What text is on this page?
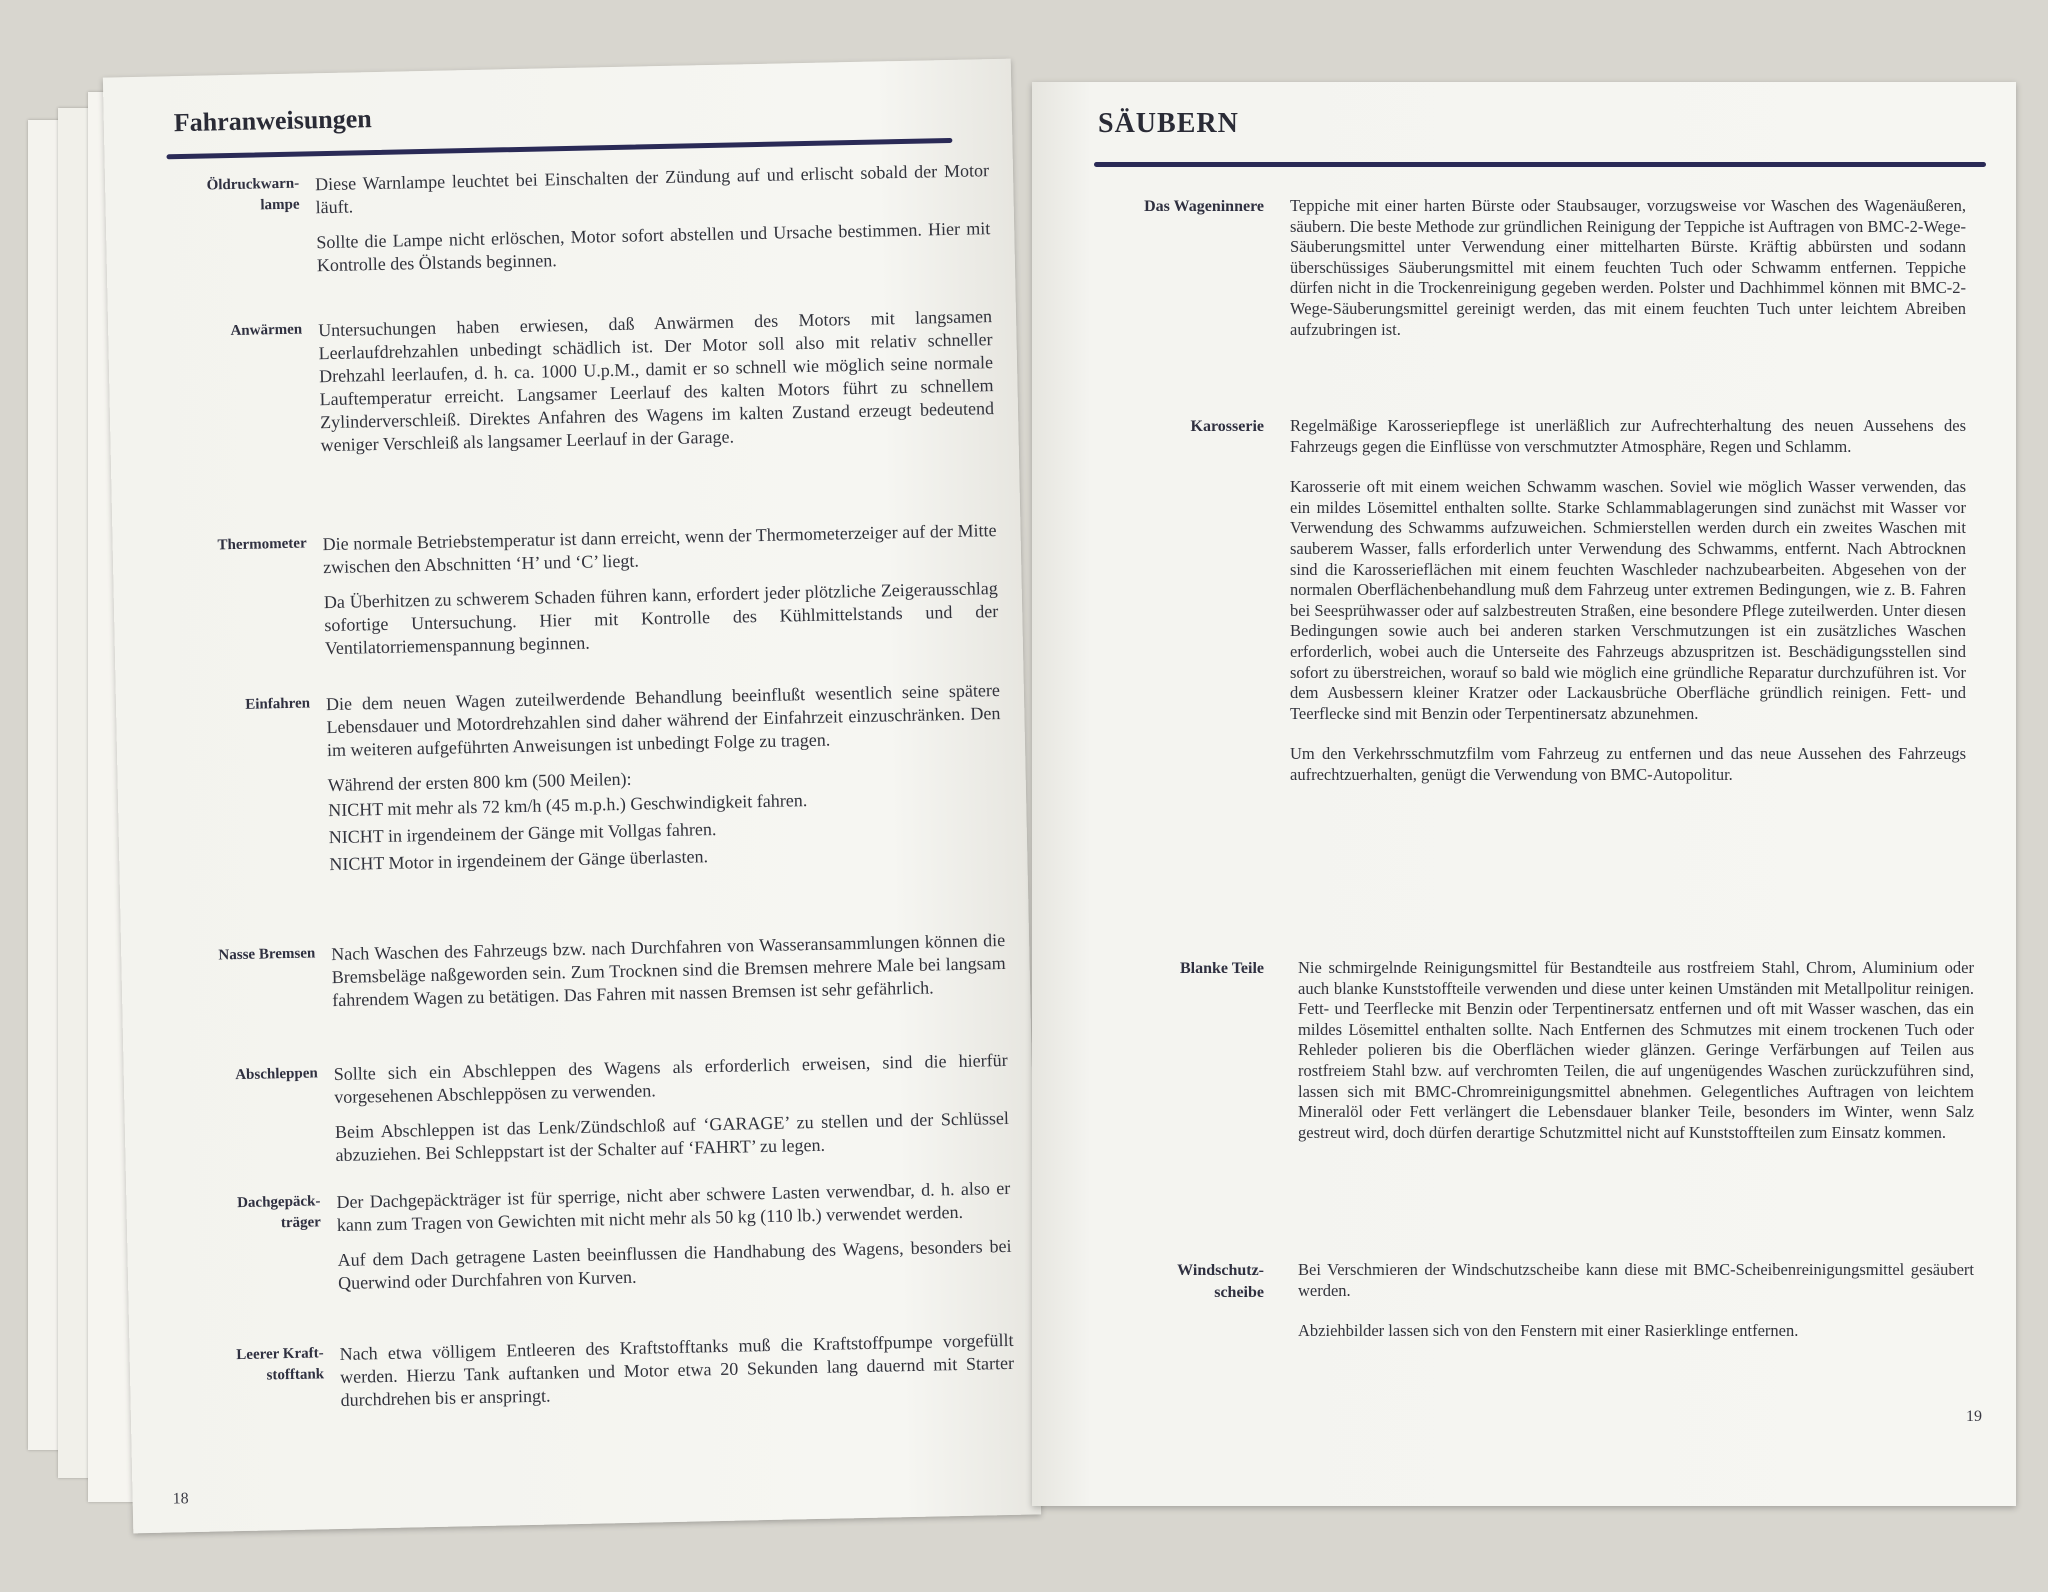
Fahranweisungen
Öldruckwarn-
lampe

Diese Warnlampe leuchtet bei Einschalten der Zündung auf und erlischt sobald der Motor läuft.

Sollte die Lampe nicht erlöschen, Motor sofort abstellen und Ursache bestimmen. Hier mit Kontrolle des Ölstands beginnen.

Anwärmen Untersuchungen haben erwiesen, daß Anwärmen des Motors mit langsamen Leerlaufdrehzahlen unbedingt schädlich ist. Der Motor soll also mit relativ schneller Drehzahl leerlaufen, d. h. ca. 1000 U.p.M., damit er so schnell wie möglich seine normale Lauftemperatur erreicht. Langsamer Leerlauf des kalten Motors führt zu schnellem Zylinderverschleiß. Direktes Anfahren des Wagens im kalten Zustand erzeugt bedeutend weniger Verschleiß als langsamer Leerlauf in der Garage.

Thermometer Die normale Betriebstemperatur ist dann erreicht, wenn der Thermometerzeiger auf der Mitte zwischen den Abschnitten ‘H’ und ‘C’ liegt.

Da Überhitzen zu schwerem Schaden führen kann, erfordert jeder plötzliche Zeigerausschlag sofortige Untersuchung. Hier mit Kontrolle des Kühlmittelstands und der Ventilatorriemenspannung beginnen.

Einfahren Die dem neuen Wagen zuteilwerdende Behandlung beeinflußt wesentlich seine spätere Lebensdauer und Motordrehzahlen sind daher während der Einfahrzeit einzuschränken. Den im weiteren aufgeführten Anweisungen ist unbedingt Folge zu tragen.

Während der ersten 800 km (500 Meilen):

NICHT mit mehr als 72 km/h (45 m.p.h.) Geschwindigkeit fahren.

NICHT in irgendeinem der Gänge mit Vollgas fahren.

NICHT Motor in irgendeinem der Gänge überlasten.

Nasse Bremsen Nach Waschen des Fahrzeugs bzw. nach Durchfahren von Wasseransammlungen können die Bremsbeläge naßgeworden sein. Zum Trocknen sind die Bremsen mehrere Male bei langsam fahrendem Wagen zu betätigen. Das Fahren mit nassen Bremsen ist sehr gefährlich.

Abschleppen Sollte sich ein Abschleppen des Wagens als erforderlich erweisen, sind die hierfür vorgesehenen Abschleppösen zu verwenden.

Beim Abschleppen ist das Lenk/Zündschloß auf ‘GARAGE’ zu stellen und der Schlüssel abzuziehen. Bei Schleppstart ist der Schalter auf ‘FAHRT’ zu legen.

Dachgepäck-
träger

Der Dachgepäckträger ist für sperrige, nicht aber schwere Lasten verwendbar, d. h. also er kann zum Tragen von Gewichten mit nicht mehr als 50 kg (110 lb.) verwendet werden.

Auf dem Dach getragene Lasten beeinflussen die Handhabung des Wagens, besonders bei Querwind oder Durchfahren von Kurven.

Leerer Kraft-
stofftank

Nach etwa völligem Entleeren des Kraftstofftanks muß die Kraftstoffpumpe vorgefüllt werden. Hierzu Tank auftanken und Motor etwa 20 Sekunden lang dauernd mit Starter durchdrehen bis er anspringt.

18
SÄUBERN
Das Wageninnere Teppiche mit einer harten Bürste oder Staubsauger, vorzugsweise vor Waschen des Wagenäußeren, säubern. Die beste Methode zur gründlichen Reinigung der Teppiche ist Auftragen von BMC-2-Wege-Säuberungsmittel unter Verwendung einer mittelharten Bürste. Kräftig abbürsten und sodann überschüssiges Säuberungsmittel mit einem feuchten Tuch oder Schwamm entfernen. Teppiche dürfen nicht in die Trockenreinigung gegeben werden. Polster und Dachhimmel können mit BMC-2-Wege-Säuberungsmittel gereinigt werden, das mit einem feuchten Tuch unter leichtem Abreiben aufzubringen ist.

Karosserie Regelmäßige Karosseriepflege ist unerläßlich zur Aufrechterhaltung des neuen Aussehens des Fahrzeugs gegen die Einflüsse von verschmutzter Atmosphäre, Regen und Schlamm.

Karosserie oft mit einem weichen Schwamm waschen. Soviel wie möglich Wasser verwenden, das ein mildes Lösemittel enthalten sollte. Starke Schlammablagerungen sind zunächst mit Wasser vor Verwendung des Schwamms aufzuweichen. Schmierstellen werden durch ein zweites Waschen mit sauberem Wasser, falls erforderlich unter Verwendung des Schwamms, entfernt. Nach Abtrocknen sind die Karosserieflächen mit einem feuchten Waschleder nachzubearbeiten. Abgesehen von der normalen Oberflächenbehandlung muß dem Fahrzeug unter extremen Bedingungen, wie z. B. Fahren bei Seesprühwasser oder auf salzbestreuten Straßen, eine besondere Pflege zuteilwerden. Unter diesen Bedingungen sowie auch bei anderen starken Verschmutzungen ist ein zusätzliches Waschen erforderlich, wobei auch die Unterseite des Fahrzeugs abzuspritzen ist. Beschädigungsstellen sind sofort zu überstreichen, worauf so bald wie möglich eine gründliche Reparatur durchzuführen ist. Vor dem Ausbessern kleiner Kratzer oder Lackausbrüche Oberfläche gründlich reinigen. Fett- und Teerflecke sind mit Benzin oder Terpentinersatz abzunehmen.

Um den Verkehrsschmutzfilm vom Fahrzeug zu entfernen und das neue Aussehen des Fahrzeugs aufrechtzuerhalten, genügt die Verwendung von BMC-Autopolitur.

Blanke Teile Nie schmirgelnde Reinigungsmittel für Bestandteile aus rostfreiem Stahl, Chrom, Aluminium oder auch blanke Kunststoffteile verwenden und diese unter keinen Umständen mit Metallpolitur reinigen. Fett- und Teerflecke mit Benzin oder Terpentinersatz entfernen und oft mit Wasser waschen, das ein mildes Lösemittel enthalten sollte. Nach Entfernen des Schmutzes mit einem trockenen Tuch oder Rehleder polieren bis die Oberflächen wieder glänzen. Geringe Verfärbungen auf Teilen aus rostfreiem Stahl bzw. auf verchromten Teilen, die auf ungenügendes Waschen zurückzuführen sind, lassen sich mit BMC-Chromreinigungsmittel abnehmen. Gelegentliches Auftragen von leichtem Mineralöl oder Fett verlängert die Lebensdauer blanker Teile, besonders im Winter, wenn Salz gestreut wird, doch dürfen derartige Schutzmittel nicht auf Kunststoffteilen zum Einsatz kommen.

Windschutz-
scheibe

Bei Verschmieren der Windschutzscheibe kann diese mit BMC-Scheibenreinigungsmittel gesäubert werden.

Abziehbilder lassen sich von den Fenstern mit einer Rasierklinge entfernen.

19
